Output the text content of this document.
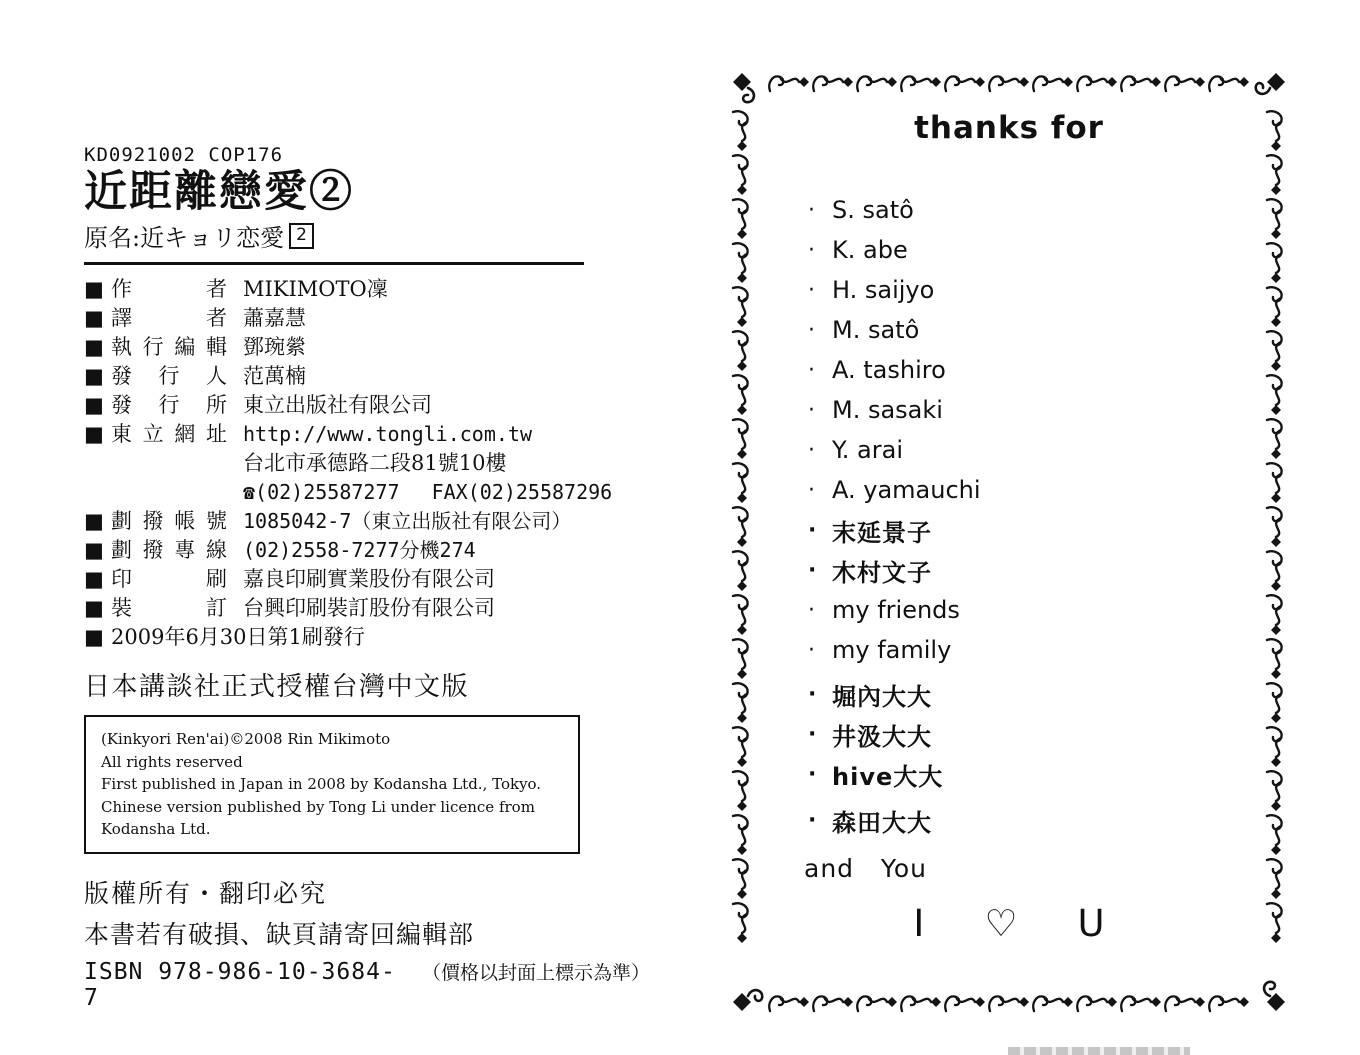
KD0921002 COP176
近距離戀愛②
原名:近キョリ恋愛 2
■ 作者 MIKIMOTO凜
■ 譯者 蕭嘉慧
■ 執行編輯 鄧琬縈
■ 發行人 范萬楠
■ 發行所 東立出版社有限公司
■ 東立網址 http://www.tongli.com.tw
台北市承德路二段81號10樓
☎(02)25587277　 FAX(02)25587296
■ 劃撥帳號 1085042-7（東立出版社有限公司）
■ 劃撥專線 (02)2558-7277分機274
■ 印刷 嘉良印刷實業股份有限公司
■ 裝訂 台興印刷裝訂股份有限公司
■ 2009年6月30日第1刷發行
日本講談社正式授權台灣中文版

(Kinkyori Ren'ai)©2008 Rin Mikimoto

All rights reserved

First published in Japan in 2008 by Kodansha Ltd., Tokyo.

Chinese version published by Tong Li under licence from Kodansha Ltd.

版權所有・翻印必究
本書若有破損、缺頁請寄回編輯部
ISBN 978-986-10-3684-7
（價格以封面上標示為準）
thanks for
· S. satô
· K. abe
· H. saijyo
· M. satô
· A. tashiro
· M. sasaki
· Y. arai
· A. yamauchi
· 末延景子
· 木村文子
· my friends
· my family
· 堀內大大
· 井汲大大
· hive大大
· 森田大大
and   You
I ♡ U
